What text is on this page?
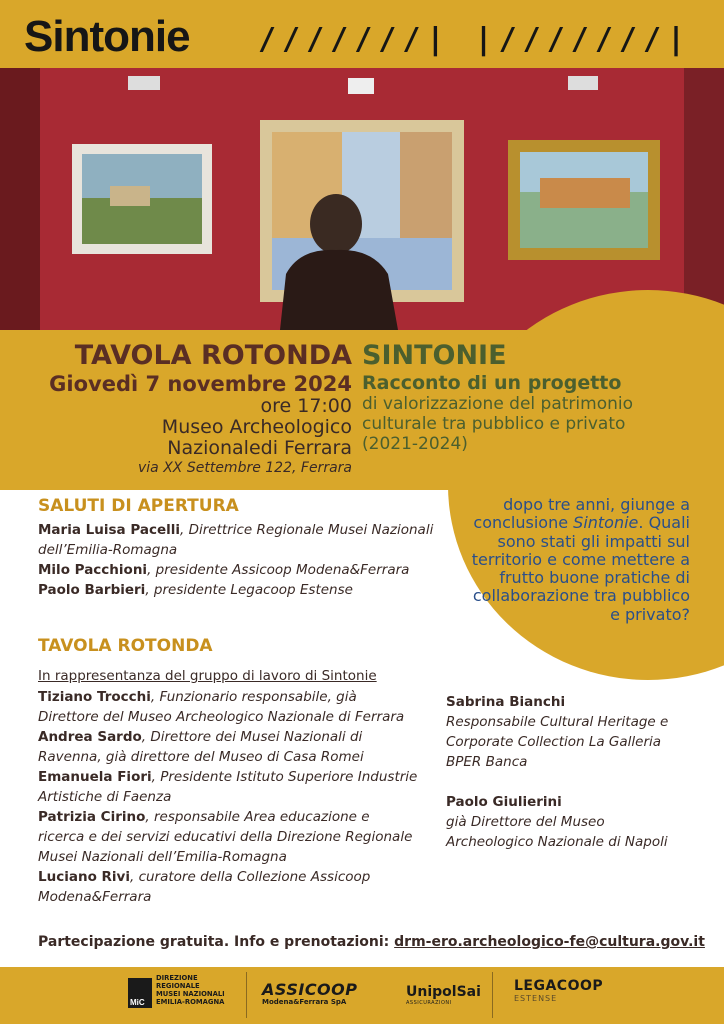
Sintonie ///////| |///////|
TAVOLA ROTONDA
Giovedì 7 novembre 2024
ore 17:00
Museo Archeologico
Nazionaledi Ferrara
via XX Settembre 122, Ferrara
SINTONIE
Racconto di un progetto
di valorizzazione del patrimonio
culturale tra pubblico e privato
(2021-2024)
dopo tre anni, giunge a conclusione Sintonie. Quali sono stati gli impatti sul territorio e come mettere a frutto buone pratiche di collaborazione tra pubblico e privato?
SALUTI DI APERTURA
Maria Luisa Pacelli, Direttrice Regionale Musei Nazionali dell’Emilia-Romagna
Milo Pacchioni, presidente Assicoop Modena&Ferrara
Paolo Barbieri, presidente Legacoop Estense
TAVOLA ROTONDA
In rappresentanza del gruppo di lavoro di Sintonie
Tiziano Trocchi, Funzionario responsabile, già Direttore del Museo Archeologico Nazionale di Ferrara
Andrea Sardo, Direttore dei Musei Nazionali di Ravenna, già direttore del Museo di Casa Romei
Emanuela Fiori, Presidente Istituto Superiore Industrie Artistiche di Faenza
Patrizia Cirino, responsabile Area educazione e ricerca e dei servizi educativi della Direzione Regionale Musei Nazionali dell’Emilia-Romagna
Luciano Rivi, curatore della Collezione Assicoop Modena&Ferrara
Sabrina Bianchi
Responsabile Cultural Heritage e Corporate Collection La Galleria BPER Banca
Paolo Giulierini
già Direttore del Museo Archeologico Nazionale di Napoli
Partecipazione gratuita. Info e prenotazioni: drm-ero.archeologico-fe@cultura.gov.it
MiC
DIREZIONE
REGIONALE
MUSEI NAZIONALI
EMILIA-ROMAGNA
ASSICOOP
Modena&Ferrara SpA
UnipolSai
ASSICURAZIONI
LEGACOOP
ESTENSE
